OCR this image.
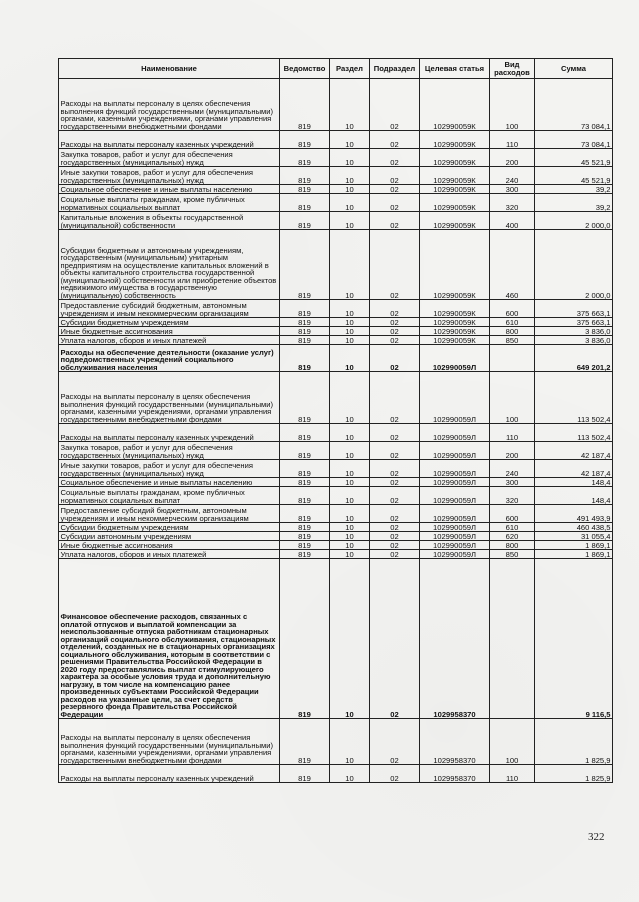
Наименование	Ведомство	Раздел	Подраздел	Целевая статья	Вид расходов	Сумма
Расходы на выплаты персоналу в целях обеспечения выполнения функций государственными (муниципальными) органами, казенными учреждениями, органами управления государственными внебюджетными фондами	819	10	02	102990059К	100	73 084,1
Расходы на выплаты персоналу казенных учреждений	819	10	02	102990059К	110	73 084,1
Закупка товаров, работ и услуг для обеспечения государственных (муниципальных) нужд	819	10	02	102990059К	200	45 521,9
Иные закупки товаров, работ и услуг для обеспечения государственных (муниципальных) нужд	819	10	02	102990059К	240	45 521,9
Социальное обеспечение и иные выплаты населению	819	10	02	102990059К	300	39,2
Социальные выплаты гражданам, кроме публичных нормативных социальных выплат	819	10	02	102990059К	320	39,2
Капитальные вложения в объекты государственной (муниципальной) собственности	819	10	02	102990059К	400	2 000,0
Субсидии бюджетным и автономным учреждениям, государственным (муниципальным) унитарным предприятиям на осуществление капитальных вложений в объекты капитального строительства государственной (муниципальной) собственности или приобретение объектов недвижимого имущества в государственную (муниципальную) собственность	819	10	02	102990059К	460	2 000,0
Предоставление субсидий бюджетным, автономным учреждениям и иным некоммерческим организациям	819	10	02	102990059К	600	375 663,1
Субсидии бюджетным учреждениям	819	10	02	102990059К	610	375 663,1
Иные бюджетные ассигнования	819	10	02	102990059К	800	3 836,0
Уплата налогов, сборов и иных платежей	819	10	02	102990059К	850	3 836,0
Расходы на обеспечение деятельности (оказание услуг) подведомственных учреждений социального обслуживания населения	819	10	02	102990059Л		649 201,2
Расходы на выплаты персоналу в целях обеспечения выполнения функций государственными (муниципальными) органами, казенными учреждениями, органами управления государственными внебюджетными фондами	819	10	02	102990059Л	100	113 502,4
Расходы на выплаты персоналу казенных учреждений	819	10	02	102990059Л	110	113 502,4
Закупка товаров, работ и услуг для обеспечения государственных (муниципальных) нужд	819	10	02	102990059Л	200	42 187,4
Иные закупки товаров, работ и услуг для обеспечения государственных (муниципальных) нужд	819	10	02	102990059Л	240	42 187,4
Социальное обеспечение и иные выплаты населению	819	10	02	102990059Л	300	148,4
Социальные выплаты гражданам, кроме публичных нормативных социальных выплат	819	10	02	102990059Л	320	148,4
Предоставление субсидий бюджетным, автономным учреждениям и иным некоммерческим организациям	819	10	02	102990059Л	600	491 493,9
Субсидии бюджетным учреждениям	819	10	02	102990059Л	610	460 438,5
Субсидии автономным учреждениям	819	10	02	102990059Л	620	31 055,4
Иные бюджетные ассигнования	819	10	02	102990059Л	800	1 869,1
Уплата налогов, сборов и иных платежей	819	10	02	102990059Л	850	1 869,1
Финансовое обеспечение расходов, связанных с оплатой отпусков и выплатой компенсации за неиспользованные отпуска работникам стационарных организаций социального обслуживания, стационарных отделений, созданных не в стационарных организациях социального обслуживания, которым в соответствии с решениями Правительства Российской Федерации в 2020 году предоставлялись выплат стимулирующего характера за особые условия труда и дополнительную нагрузку, в том числе на компенсацию ранее произведенных субъектами Российской Федерации расходов на указанные цели, за счет средств резервного фонда Правительства Российской Федерации	819	10	02	1029958370		9 116,5
Расходы на выплаты персоналу в целях обеспечения выполнения функций государственными (муниципальными) органами, казенными учреждениями, органами управления государственными внебюджетными фондами	819	10	02	1029958370	100	1 825,9
Расходы на выплаты персоналу казенных учреждений	819	10	02	1029958370	110	1 825,9
322
